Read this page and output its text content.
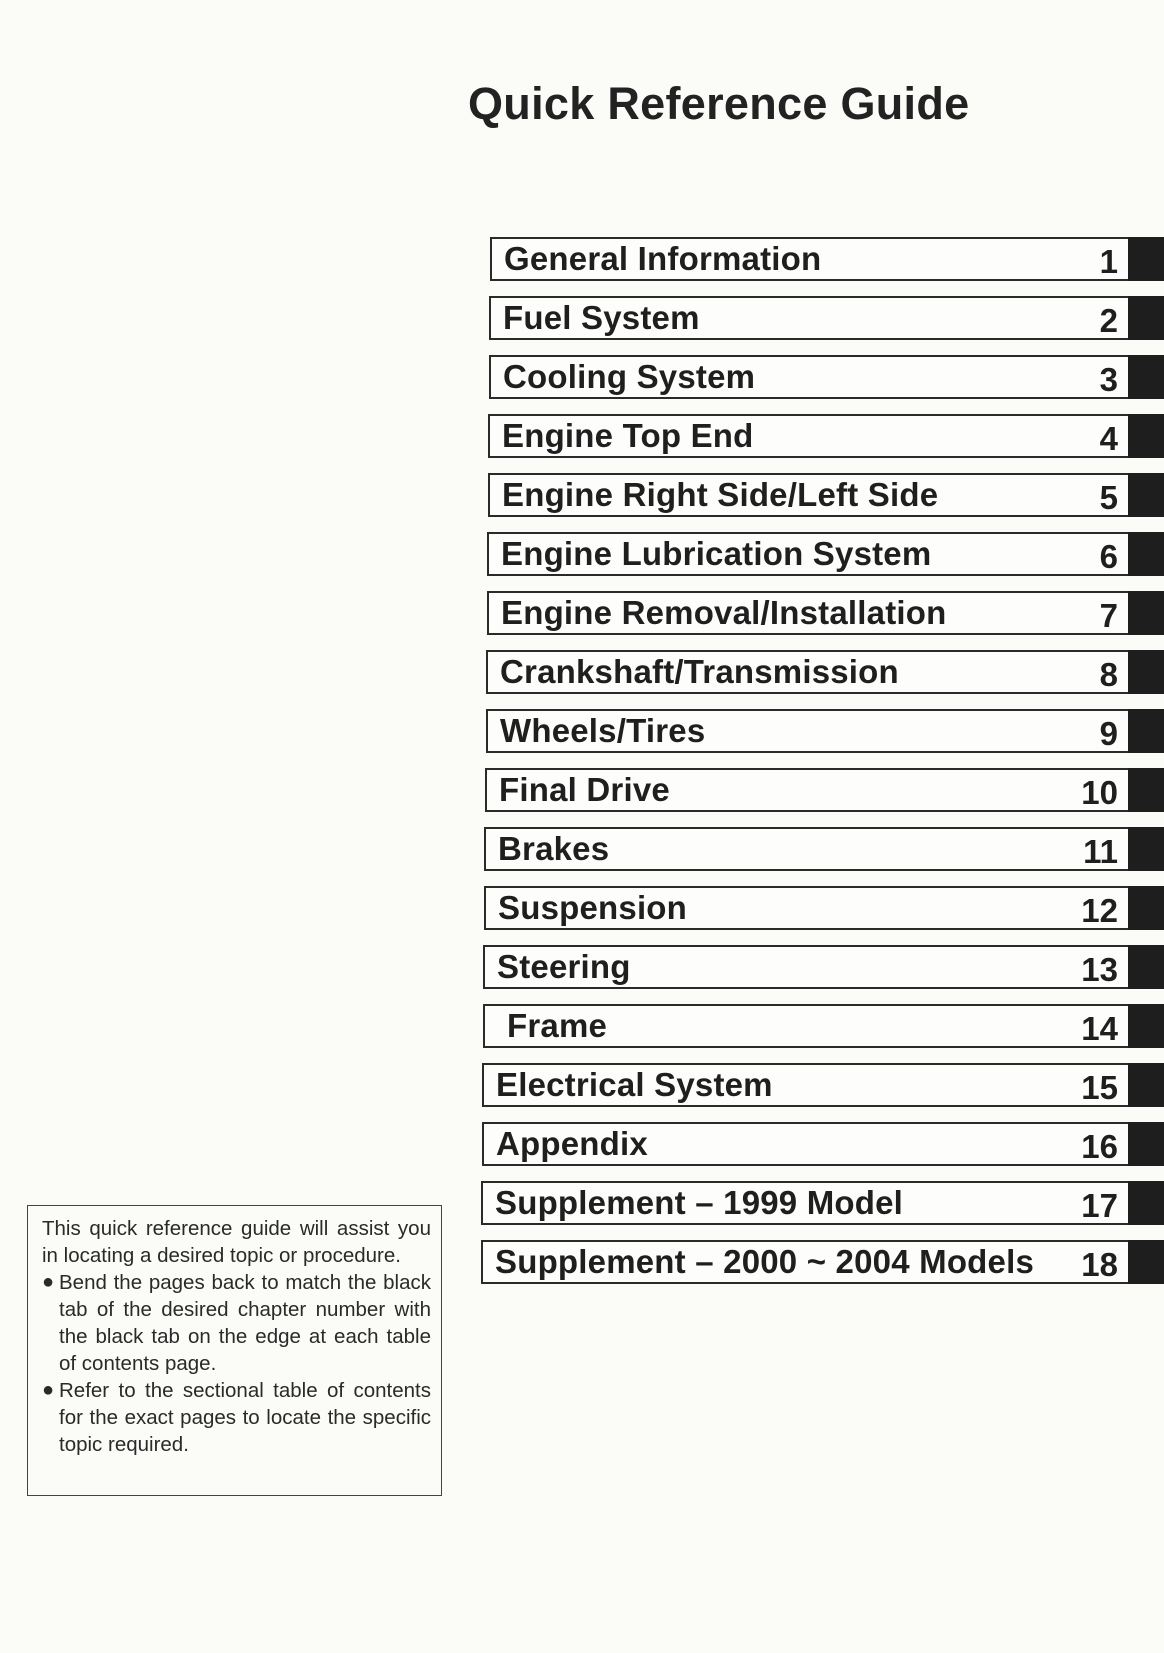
Quick Reference Guide
General Information	1
Fuel System	2
Cooling System	3
Engine Top End	4
Engine Right Side/Left Side	5
Engine Lubrication System	6
Engine Removal/Installation	7
Crankshaft/Transmission	8
Wheels/Tires	9
Final Drive	10
Brakes	11
Suspension	12
Steering	13
Frame	14
Electrical System	15
Appendix	16
Supplement – 1999 Model	17
Supplement – 2000 ~ 2004 Models 18

This quick reference guide will assist you in locating a desired topic or procedure.

● Bend the pages back to match the black tab of the desired chapter number with the black tab on the edge at each table of contents page.
● Refer to the sectional table of contents for the exact pages to locate the specific topic required.
